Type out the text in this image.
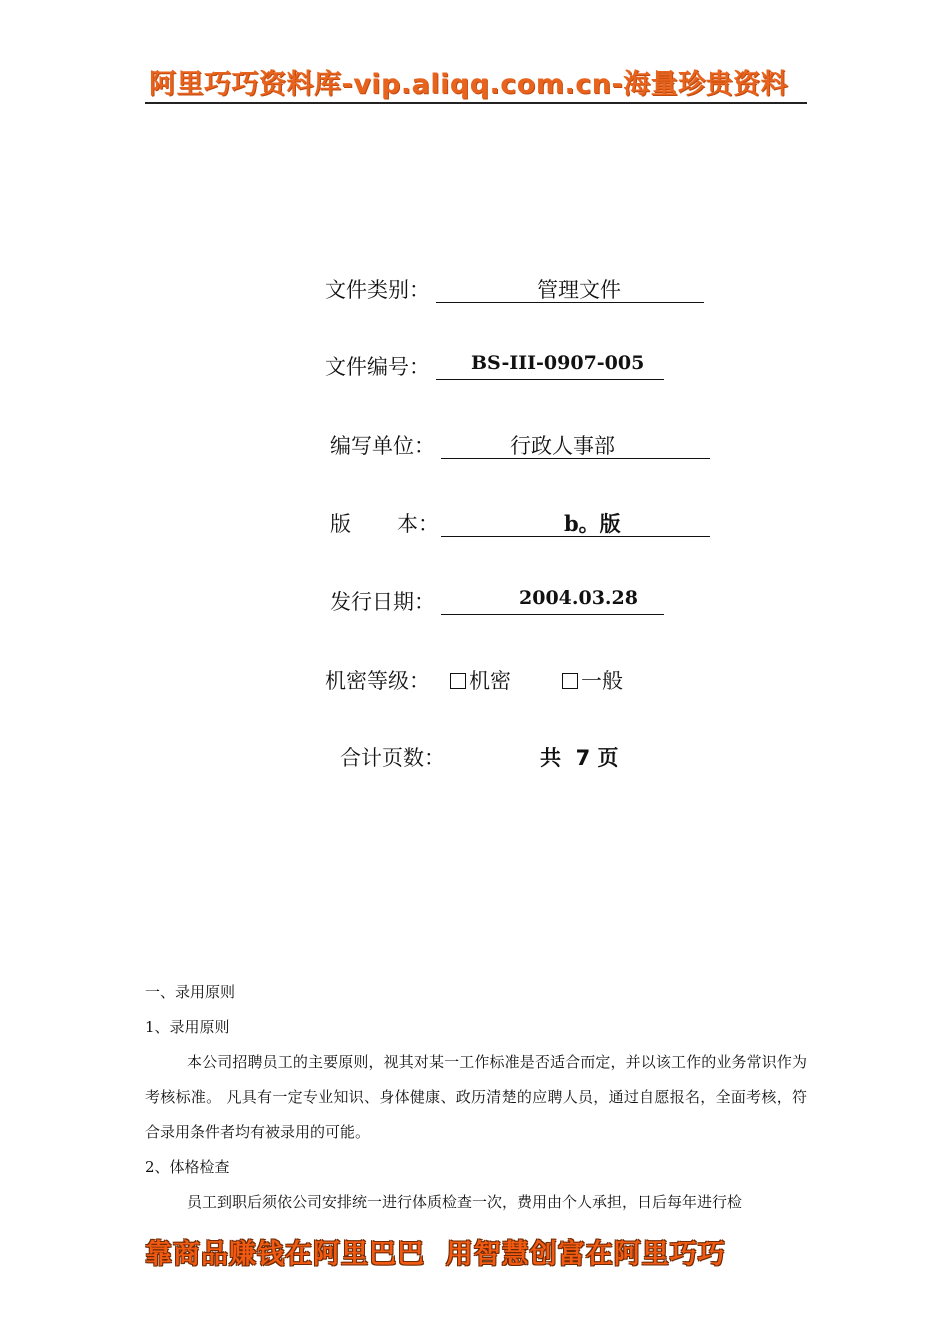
阿里巧巧资料库-vip.aliqq.com.cn-海量珍贵资料
文件类别：	管理文件
文件编号： BS-III-0907-005
编写单位：	行政人事部
版 本：	b。版
发行日期：	2004.03.28
机密等级：	机密	一般
合计页数：	共  7 页

一、录用原则

1、录用原则

本公司招聘员工的主要原则，视其对某一工作标准是否适合而定，并以该工作的业务常识作为考核标准。 凡具有一定专业知识、身体健康、政历清楚的应聘人员，通过自愿报名，全面考核，符合录用条件者均有被录用的可能。

2、体格检查

员工到职后须依公司安排统一进行体质检查一次，费用由个人承担，日后每年进行检

靠商品赚钱在阿里巴巴  用智慧创富在阿里巧巧
